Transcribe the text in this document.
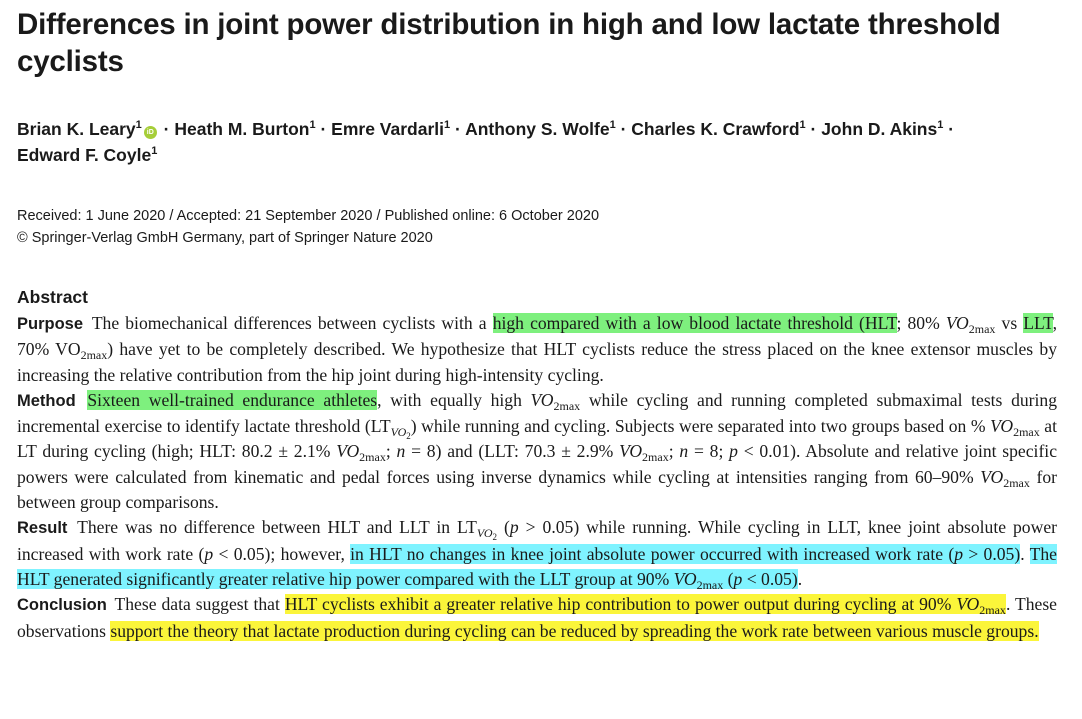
Differences in joint power distribution in high and low lactate threshold cyclists
Brian K. Leary$^1$iD · Heath M. Burton$^1$ · Emre Vardarli$^1$ · Anthony S. Wolfe$^1$ · Charles K. Crawford$^1$ · John D. Akins$^1$ ·
Edward F. Coyle$^1$
Received: 1 June 2020 / Accepted: 21 September 2020 / Published online: 6 October 2020
© Springer-Verlag GmbH Germany, part of Springer Nature 2020
Abstract

Purpose The biomechanical differences between cyclists with a high compared with a low blood lactate threshold (HLT; 80% $VO_{2max}$ vs LLT, 70% $VO_{2max}$) have yet to be completely described. We hypothesize that HLT cyclists reduce the stress placed on the knee extensor muscles by increasing the relative contribution from the hip joint during high-intensity cycling.

Method Sixteen well-trained endurance athletes, with equally high $VO_{2max}$ while cycling and running completed submaximal tests during incremental exercise to identify lactate threshold $(LT_{VO_2})$ while running and cycling. Subjects were separated into two groups based on % $VO_{2max}$ at LT during cycling (high; HLT: 80.2 ± 2.1% $VO_{2max}$; n = 8) and (LLT: 70.3 ± 2.9% $VO_{2max}$; n = 8; p < 0.01). Absolute and relative joint specific powers were calculated from kinematic and pedal forces using inverse dynamics while cycling at intensities ranging from 60–90% $VO_{2max}$ for between group comparisons.

Result There was no difference between HLT and LLT in $LT_{VO_2}$ (p > 0.05) while running. While cycling in LLT, knee joint absolute power increased with work rate (p < 0.05); however, in HLT no changes in knee joint absolute power occurred with increased work rate (p > 0.05). The HLT generated significantly greater relative hip power compared with the LLT group at 90% $VO_{2max}$ (p < 0.05).

Conclusion These data suggest that HLT cyclists exhibit a greater relative hip contribution to power output during cycling at 90% $VO_{2max}$. These observations support the theory that lactate production during cycling can be reduced by spreading the work rate between various muscle groups.
